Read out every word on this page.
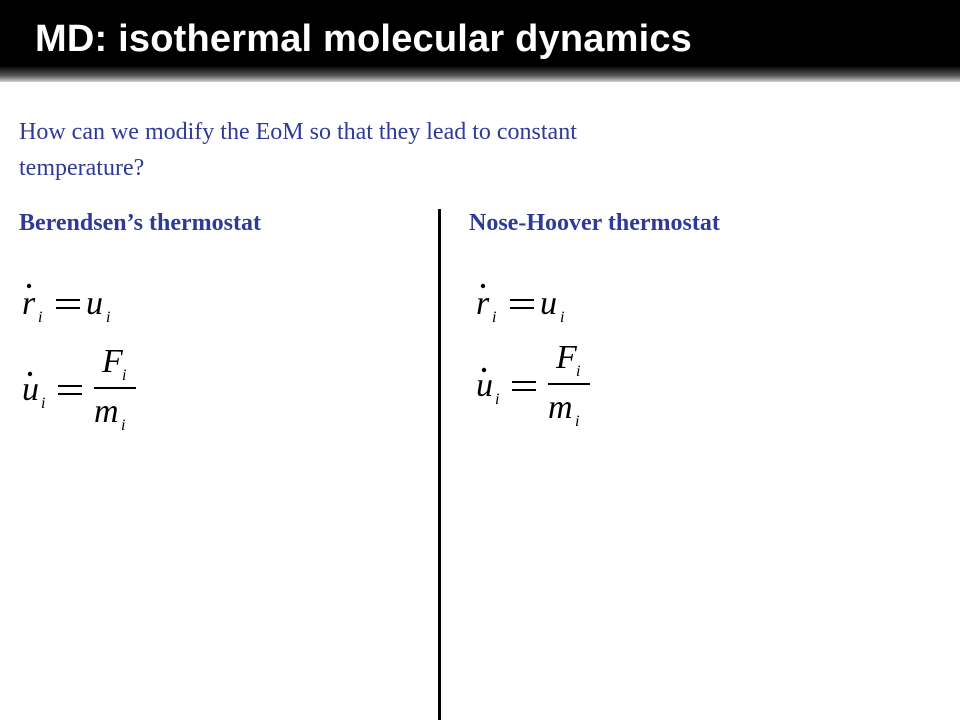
MD: isothermal molecular dynamics
How can we modify the EoM so that they lead to constant temperature?
Berendsen’s thermostat	Nose-Hoover thermostat
r i u i
u i
F i
m i
r i u i
u i
F i
m i
